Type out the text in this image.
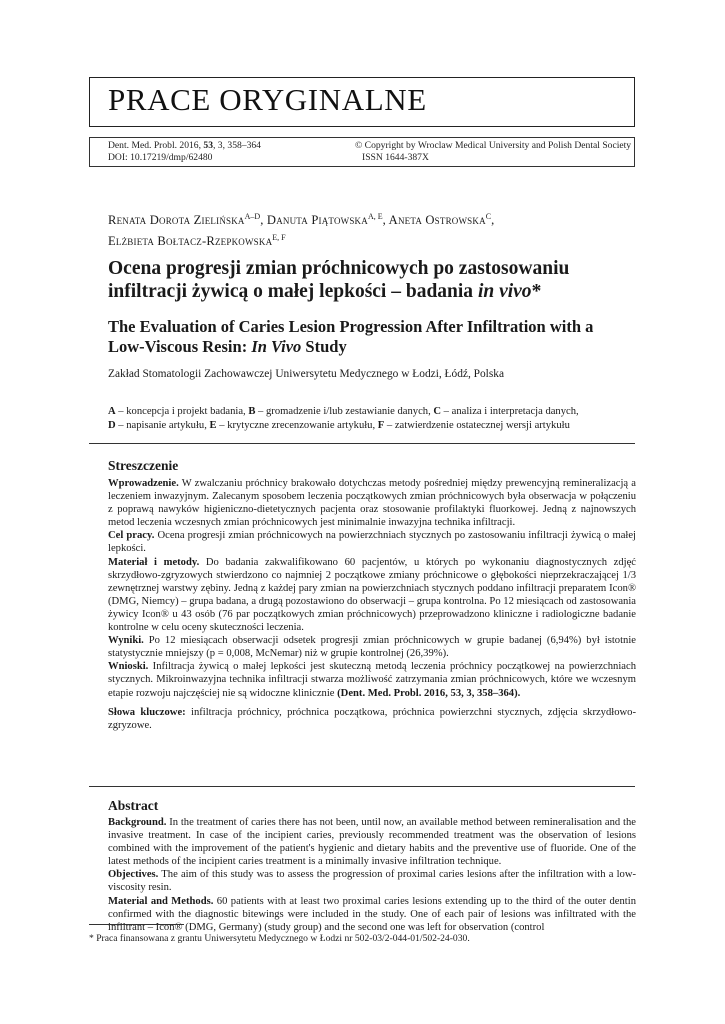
PRACE ORYGINALNE
Dent. Med. Probl. 2016, 53, 3, 358–364
DOI: 10.17219/dmp/62480
© Copyright by Wroclaw Medical University and Polish Dental Society
ISSN 1644-387X
Renata Dorota Zielińska$^{A-D}$, Danuta Piątowska$^{A, E}$, Aneta Ostrowska$^C$,
Elżbieta Bołtacz-Rzepkowska$^{E, F}$
Ocena progresji zmian próchnicowych po zastosowaniu infiltracji żywicą o małej lepkości – badania in vivo*
The Evaluation of Caries Lesion Progression After Infiltration with a Low-Viscous Resin: In Vivo Study
Zakład Stomatologii Zachowawczej Uniwersytetu Medycznego w Łodzi, Łódź, Polska
A – koncepcja i projekt badania, B – gromadzenie i/lub zestawianie danych, C – analiza i interpretacja danych,
D – napisanie artykułu, E – krytyczne zrecenzowanie artykułu, F – zatwierdzenie ostatecznej wersji artykułu
Streszczenie

Wprowadzenie. W zwalczaniu próchnicy brakowało dotychczas metody pośredniej między prewencyjną remineralizacją a leczeniem inwazyjnym. Zalecanym sposobem leczenia początkowych zmian próchnicowych była obserwacja w połączeniu z poprawą nawyków higieniczno-dietetycznych pacjenta oraz stosowanie profilaktyki fluorkowej. Jedną z najnowszych metod leczenia wczesnych zmian próchnicowych jest minimalnie inwazyjna technika infiltracji.

Cel pracy. Ocena progresji zmian próchnicowych na powierzchniach stycznych po zastosowaniu infiltracji żywicą o małej lepkości.

Materiał i metody. Do badania zakwalifikowano 60 pacjentów, u których po wykonaniu diagnostycznych zdjęć skrzydłowo-zgryzowych stwierdzono co najmniej 2 początkowe zmiany próchnicowe o głębokości nieprzekraczającej 1/3 zewnętrznej warstwy zębiny. Jedną z każdej pary zmian na powierzchniach stycznych poddano infiltracji preparatem Icon® (DMG, Niemcy) – grupa badana, a drugą pozostawiono do obserwacji – grupa kontrolna. Po 12 miesiącach od zastosowania żywicy Icon® u 43 osób (76 par początkowych zmian próchnicowych) przeprowadzono kliniczne i radiologiczne badanie kontrolne w celu oceny skuteczności leczenia.

Wyniki. Po 12 miesiącach obserwacji odsetek progresji zmian próchnicowych w grupie badanej (6,94%) był istotnie statystycznie mniejszy (p = 0,008, McNemar) niż w grupie kontrolnej (26,39%).

Wnioski. Infiltracja żywicą o małej lepkości jest skuteczną metodą leczenia próchnicy początkowej na powierzchniach stycznych. Mikroinwazyjna technika infiltracji stwarza możliwość zatrzymania zmian próchnicowych, które we wczesnym etapie rozwoju najczęściej nie są widoczne klinicznie (Dent. Med. Probl. 2016, 53, 3, 358–364).

Słowa kluczowe: infiltracja próchnicy, próchnica początkowa, próchnica powierzchni stycznych, zdjęcia skrzydłowo-zgryzowe.

Abstract

Background. In the treatment of caries there has not been, until now, an available method between remineralisation and the invasive treatment. In case of the incipient caries, previously recommended treatment was the observation of lesions combined with the improvement of the patient's hygienic and dietary habits and the preventive use of fluoride. One of the latest methods of the incipient caries treatment is a minimally invasive infiltration technique.

Objectives. The aim of this study was to assess the progression of proximal caries lesions after the infiltration with a low-viscosity resin.

Material and Methods. 60 patients with at least two proximal caries lesions extending up to the third of the outer dentin confirmed with the diagnostic bitewings were included in the study. One of each pair of lesions was infiltrated with the infiltrant – Icon® (DMG, Germany) (study group) and the second one was left for observation (control

* Praca finansowana z grantu Uniwersytetu Medycznego w Łodzi nr 502-03/2-044-01/502-24-030.
